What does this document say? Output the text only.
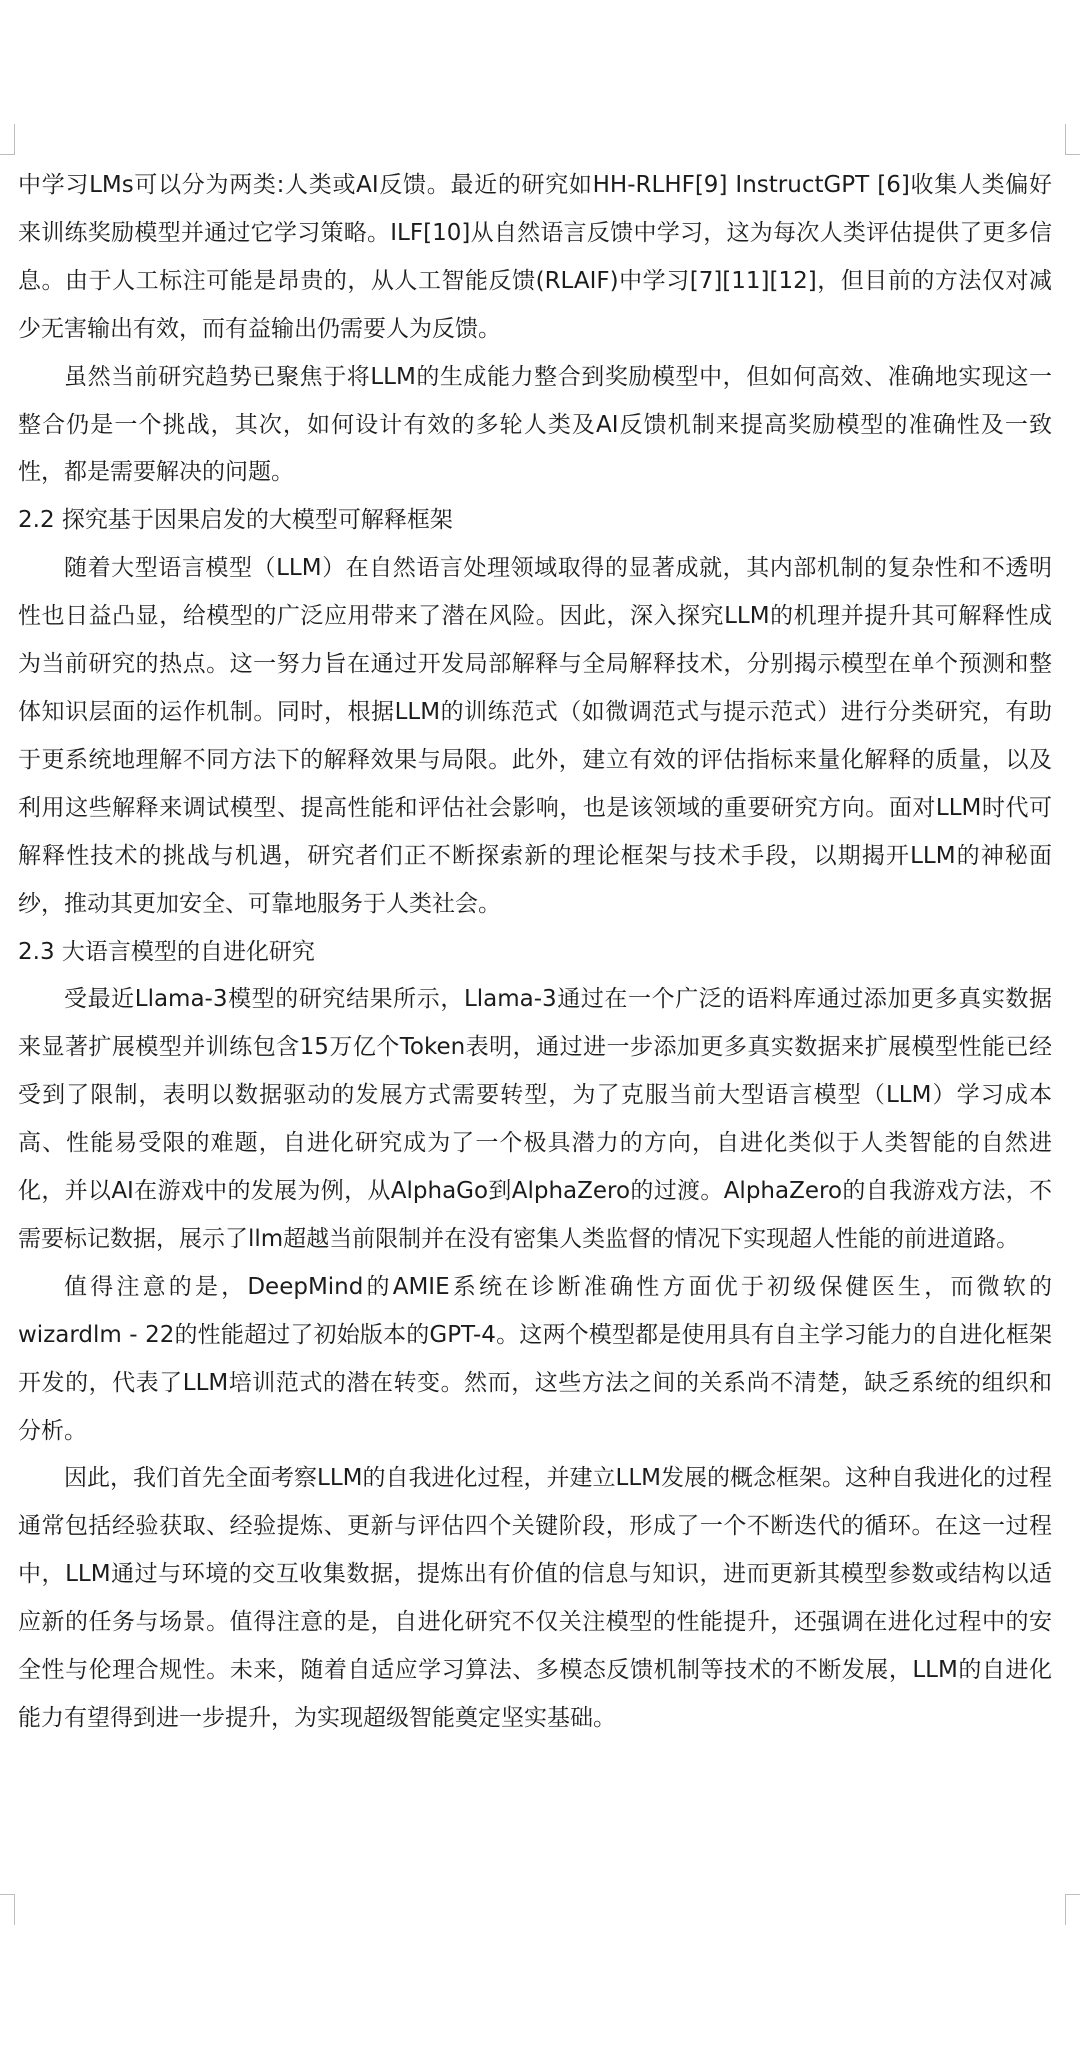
中学习LMs可以分为两类:人类或AI反馈。最近的研究如HH-RLHF[9] InstructGPT [6]收集人类偏好来训练奖励模型并通过它学习策略。ILF[10]从自然语言反馈中学习，这为每次人类评估提供了更多信息。由于人工标注可能是昂贵的，从人工智能反馈(RLAIF)中学习[7][11][12]，但目前的方法仅对减少无害输出有效，而有益输出仍需要人为反馈。

虽然当前研究趋势已聚焦于将LLM的生成能力整合到奖励模型中，但如何高效、准确地实现这一整合仍是一个挑战，其次，如何设计有效的多轮人类及AI反馈机制来提高奖励模型的准确性及一致性，都是需要解决的问题。

2.2 探究基于因果启发的大模型可解释框架

随着大型语言模型（LLM）在自然语言处理领域取得的显著成就，其内部机制的复杂性和不透明性也日益凸显，给模型的广泛应用带来了潜在风险。因此，深入探究LLM的机理并提升其可解释性成为当前研究的热点。这一努力旨在通过开发局部解释与全局解释技术，分别揭示模型在单个预测和整体知识层面的运作机制。同时，根据LLM的训练范式（如微调范式与提示范式）进行分类研究，有助于更系统地理解不同方法下的解释效果与局限。此外，建立有效的评估指标来量化解释的质量，以及利用这些解释来调试模型、提高性能和评估社会影响，也是该领域的重要研究方向。面对LLM时代可解释性技术的挑战与机遇，研究者们正不断探索新的理论框架与技术手段，以期揭开LLM的神秘面纱，推动其更加安全、可靠地服务于人类社会。

2.3 大语言模型的自进化研究

受最近Llama-3模型的研究结果所示，Llama-3通过在一个广泛的语料库通过添加更多真实数据来显著扩展模型并训练包含15万亿个Token表明，通过进一步添加更多真实数据来扩展模型性能已经受到了限制，表明以数据驱动的发展方式需要转型，为了克服当前大型语言模型（LLM）学习成本高、性能易受限的难题，自进化研究成为了一个极具潜力的方向，自进化类似于人类智能的自然进化，并以AI在游戏中的发展为例，从AlphaGo到AlphaZero的过渡。AlphaZero的自我游戏方法，不需要标记数据，展示了llm超越当前限制并在没有密集人类监督的情况下实现超人性能的前进道路。

值得注意的是，DeepMind的AMIE系统在诊断准确性方面优于初级保健医生，而微软的wizardlm - 22的性能超过了初始版本的GPT-4。这两个模型都是使用具有自主学习能力的自进化框架开发的，代表了LLM培训范式的潜在转变。然而，这些方法之间的关系尚不清楚，缺乏系统的组织和分析。

因此，我们首先全面考察LLM的自我进化过程，并建立LLM发展的概念框架。这种自我进化的过程通常包括经验获取、经验提炼、更新与评估四个关键阶段，形成了一个不断迭代的循环。在这一过程中，LLM通过与环境的交互收集数据，提炼出有价值的信息与知识，进而更新其模型参数或结构以适应新的任务与场景。值得注意的是，自进化研究不仅关注模型的性能提升，还强调在进化过程中的安全性与伦理合规性。未来，随着自适应学习算法、多模态反馈机制等技术的不断发展，LLM的自进化能力有望得到进一步提升，为实现超级智能奠定坚实基础。
